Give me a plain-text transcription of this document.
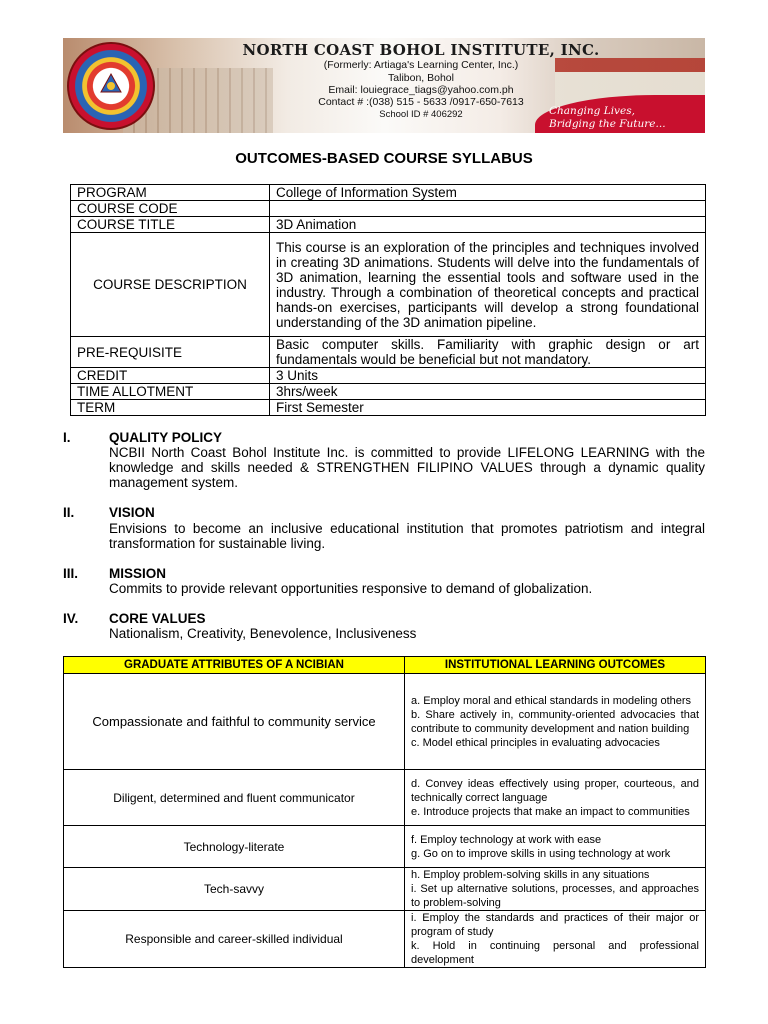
NORTH COAST BOHOL INSTITUTE, INC.
(Formerly: Artiaga's Learning Center, Inc.)
Talibon, Bohol
Email: louiegrace_tiags@yahoo.com.ph
Contact # :(038) 515 - 5633 /0917-650-7613
School ID # 406292	Changing Lives,
Bridging the Future...
OUTCOMES-BASED COURSE SYLLABUS
PROGRAM	College of Information System
COURSE CODE	
COURSE TITLE	3D Animation
COURSE DESCRIPTION	This course is an exploration of the principles and techniques involved in creating 3D animations. Students will delve into the fundamentals of 3D animation, learning the essential tools and software used in the industry. Through a combination of theoretical concepts and practical hands-on exercises, participants will develop a strong foundational understanding of the 3D animation pipeline.
PRE-REQUISITE	Basic computer skills. Familiarity with graphic design or art fundamentals would be beneficial but not mandatory.
CREDIT	3 Units
TIME ALLOTMENT	3hrs/week
TERM	First Semester
I.	QUALITY POLICY
NCBII North Coast Bohol Institute Inc. is committed to provide LIFELONG LEARNING with the knowledge and skills needed & STRENGTHEN FILIPINO VALUES through a dynamic quality management system.
II.	VISION
Envisions to become an inclusive educational institution that promotes patriotism and integral transformation for sustainable living.
III. MISSION
Commits to provide relevant opportunities responsive to demand of globalization.
IV. CORE VALUES
Nationalism, Creativity, Benevolence, Inclusiveness
GRADUATE ATTRIBUTES OF A NCIBIAN	INSTITUTIONAL LEARNING OUTCOMES
Compassionate and faithful to community service	a. Employ moral and ethical standards in modeling others
b. Share actively in, community-oriented advocacies that contribute to community development and nation building
c. Model ethical principles in evaluating advocacies

Diligent, determined and fluent communicator	d. Convey ideas effectively using proper, courteous, and technically correct language
e. Introduce projects that make an impact to communities

Technology-literate	f. Employ technology at work with ease
g. Go on to improve skills in using technology at work

Tech-savvy	h. Employ problem-solving skills in any situations
i. Set up alternative solutions, processes, and approaches to problem-solving

Responsible and career-skilled individual	i. Employ the standards and practices of their major or program of study
k. Hold in continuing personal and professional development
